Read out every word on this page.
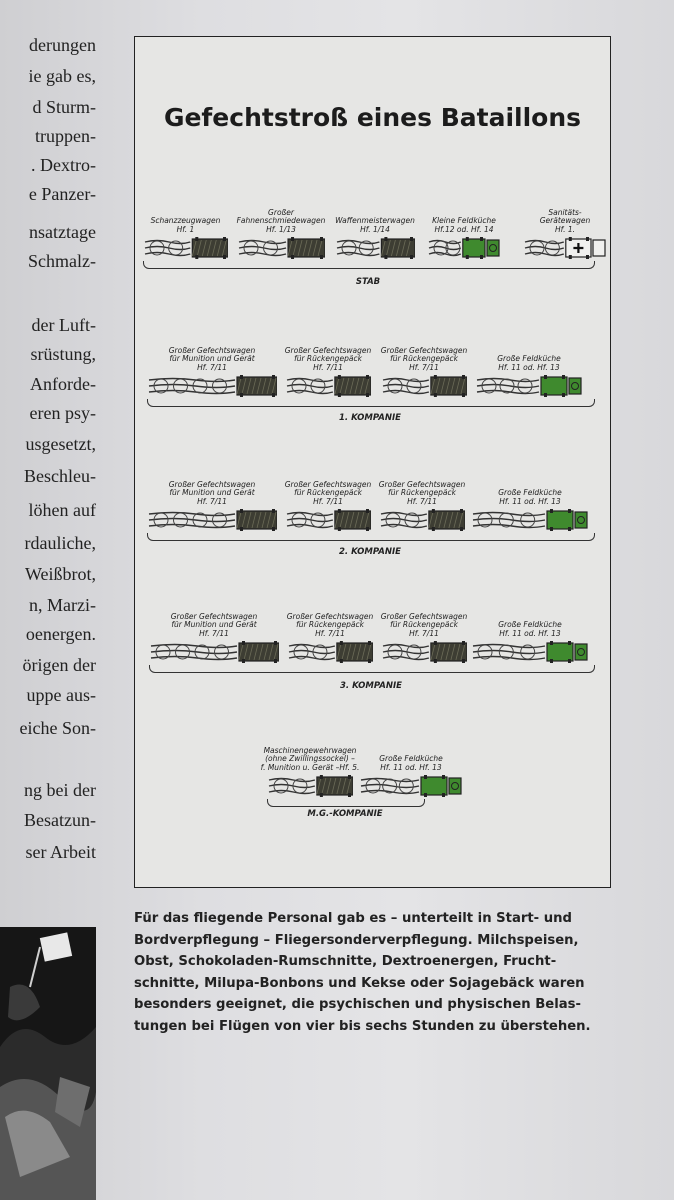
derungen
ie gab es,
d Sturm-
truppen-
. Dextro-
e Panzer-
nsatztage
Schmalz-
der Luft-
srüstung,
Anforde-
eren psy-
usgesetzt,
Beschleu-
löhen auf
rdauliche,
Weißbrot,
n, Marzi-
oenergen.
örigen der
uppe aus-
eiche Son-
ng bei der
Besatzun-
ser Arbeit
Gefechtstroß eines Bataillons
Schanzzeugwagen
Hf. 1
Großer
Fahnenschmiedewagen
Hf. 1/13
Waffenmeisterwagen
Hf. 1/14
Kleine Feldküche
Hf.12 od. Hf. 14
Sanitäts-
Gerätewagen
Hf. 1.
STAB
Großer Gefechtswagen
für Munition und Gerät
Hf. 7/11
Großer Gefechtswagen
für Rückengepäck
Hf. 7/11
Großer Gefechtswagen
für Rückengepäck
Hf. 7/11
Große Feldküche
Hf. 11 od. Hf. 13
1. KOMPANIE
Großer Gefechtswagen
für Munition und Gerät
Hf. 7/11
Großer Gefechtswagen
für Rückengepäck
Hf. 7/11
Großer Gefechtswagen
für Rückengepäck
Hf. 7/11
Große Feldküche
Hf. 11 od. Hf. 13
2. KOMPANIE
Großer Gefechtswagen
für Munition und Gerät
Hf. 7/11
Großer Gefechtswagen
für Rückengepäck
Hf. 7/11
Großer Gefechtswagen
für Rückengepäck
Hf. 7/11
Große Feldküche
Hf. 11 od. Hf. 13
3. KOMPANIE
Maschinengewehrwagen
(ohne Zwillingssockel) –
f. Munition u. Gerät –Hf. 5.
Große Feldküche
Hf. 11 od. Hf. 13
M.G.-KOMPANIE
Für das fliegende Personal gab es – unterteilt in Start- und
Bordverpflegung – Fliegersonderverpflegung. Milchspeisen,
Obst, Schokoladen-Rumschnitte, Dextroenergen, Frucht-
schnitte, Milupa-Bonbons und Kekse oder Sojagebäck waren
besonders geeignet, die psychischen und physischen Belas-
tungen bei Flügen von vier bis sechs Stunden zu überstehen.
